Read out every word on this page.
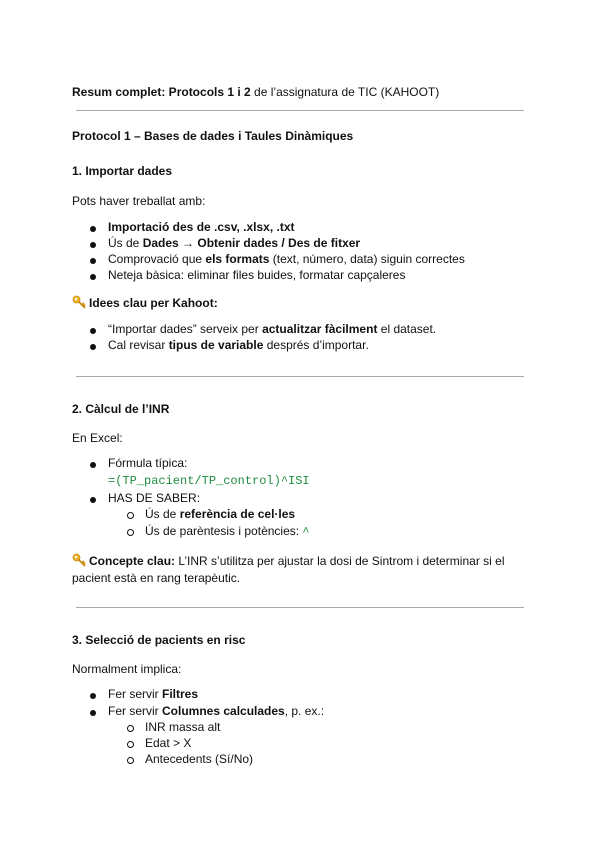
Resum complet: Protocols 1 i 2 de l’assignatura de TIC (KAHOOT)
Protocol 1 – Bases de dades i Taules Dinàmiques
1. Importar dades
Pots haver treballat amb:
Importació des de .csv, .xlsx, .txt
Ús de Dades → Obtenir dades / Des de fitxer
Comprovació que els formats (text, número, data) siguin correctes
Neteja bàsica: eliminar files buides, formatar capçaleres
Idees clau per Kahoot:
“Importar dades” serveix per actualitzar fàcilment el dataset.
Cal revisar tipus de variable després d’importar.
2. Càlcul de l’INR
En Excel:
Fórmula típica:
=(TP_pacient/TP_control)^ISI
HAS DE SABER:
Ús de referència de cel·les
Ús de parèntesis i potències: ^
Concepte clau: L’INR s’utilitza per ajustar la dosi de Sintrom i determinar si el
pacient està en rang terapèutic.
3. Selecció de pacients en risc
Normalment implica:
Fer servir Filtres
Fer servir Columnes calculades, p. ex.:
INR massa alt
Edat > X
Antecedents (Sí/No)
